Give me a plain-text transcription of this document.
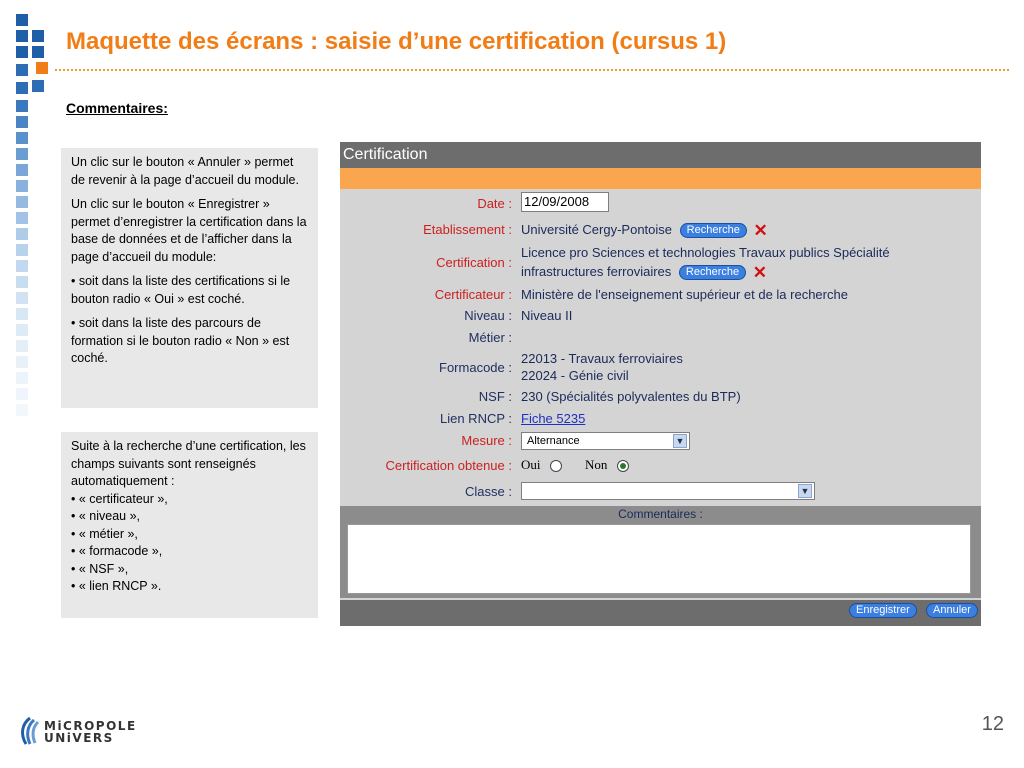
Maquette des écrans : saisie d’une certification (cursus 1)
Commentaires:

Un clic sur le bouton « Annuler » permet de revenir à la page d’accueil du module.

Un clic sur le bouton « Enregistrer » permet d’enregistrer la certification dans la base de données et de l’afficher dans la page d’accueil du module:

• soit dans la liste des certifications si le bouton radio « Oui » est coché.

• soit dans la liste des parcours de formation si le bouton radio « Non » est coché.

Suite à la recherche d’une certification, les champs suivants sont renseignés automatiquement :
• « certificateur »,
• « niveau »,
• « métier »,
• « formacode »,
• « NSF »,
• « lien RNCP ».
Certification
Date : 12/09/2008
Etablissement : Université Cergy-Pontoise Recherche ✕
Certification :
Licence pro Sciences et technologies Travaux publics Spécialité
infrastructures ferroviaires Recherche ✕
Certificateur : Ministère de l'enseignement supérieur et de la recherche
Niveau : Niveau II
Métier :
Formacode :
22013 - Travaux ferroviaires
22024 - Génie civil
NSF : 230 (Spécialités polyvalentes du BTP)
Lien RNCP : Fiche 5235
Mesure :	Alternance	▼
Certification obtenue : Oui	Non
Classe :	▼
Commentaires :
Enregistrer	Annuler
MiCROPOLE
UNiVERS
12
